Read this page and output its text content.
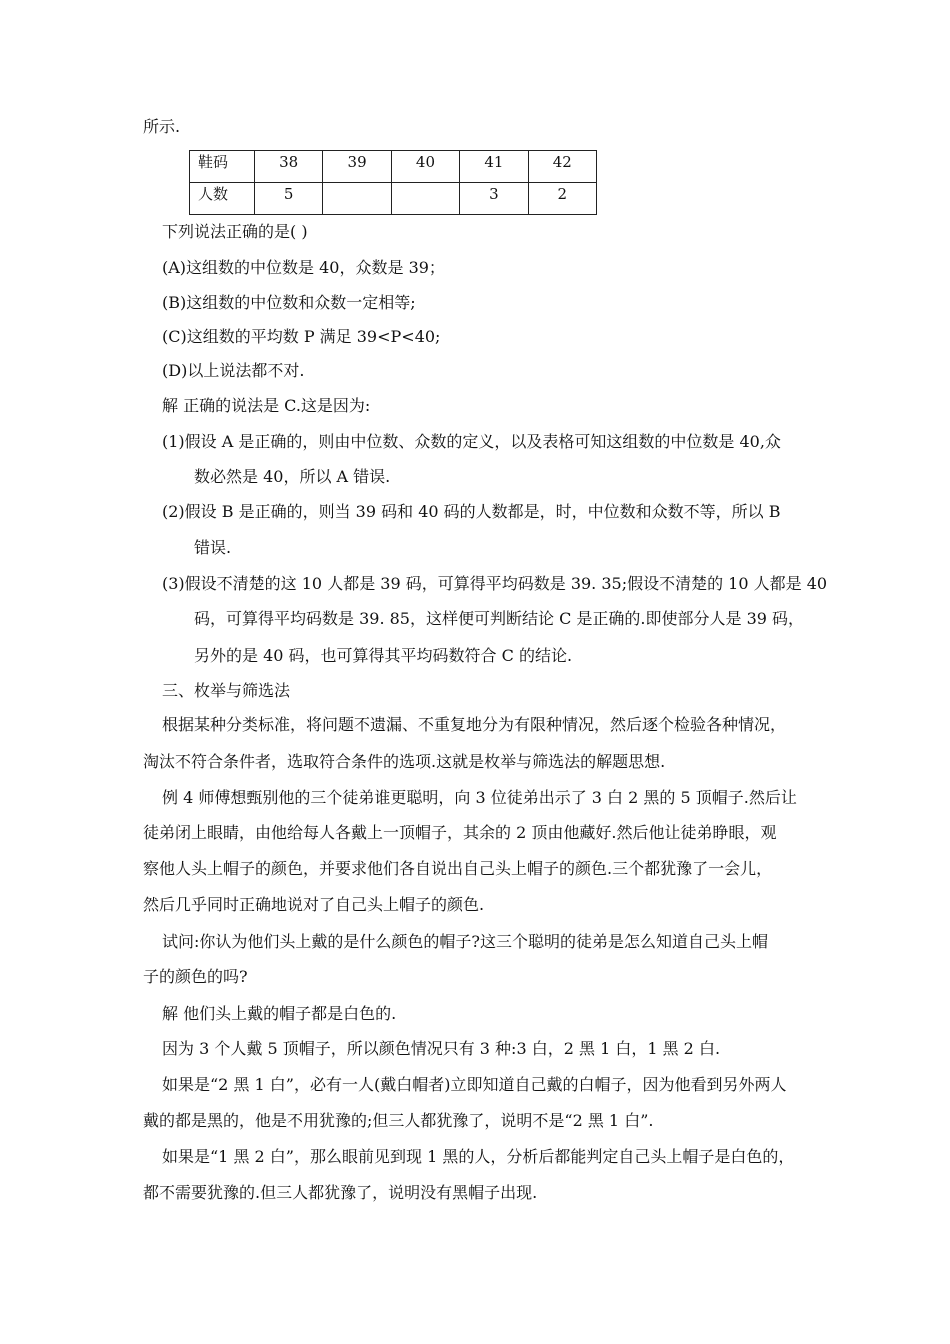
所示.

鞋码	38	39	40	41	42
人数	5			3	2

下列说法正确的是( )

(A)这组数的中位数是 40，众数是 39；

(B)这组数的中位数和众数一定相等;

(C)这组数的平均数 P 满足 39<P<40;

(D)以上说法都不对.

解 正确的说法是 C.这是因为:

(1)假设 A 是正确的，则由中位数、众数的定义，以及表格可知这组数的中位数是 40,众

数必然是 40，所以 A 错误.

(2)假设 B 是正确的，则当 39 码和 40 码的人数都是，时，中位数和众数不等，所以 B

错误.

(3)假设不清楚的这 10 人都是 39 码，可算得平均码数是 39. 35;假设不清楚的 10 人都是 40

码，可算得平均码数是 39. 85，这样便可判断结论 C 是正确的.即使部分人是 39 码，

另外的是 40 码，也可算得其平均码数符合 C 的结论.

三、枚举与筛选法

根据某种分类标准，将问题不遗漏、不重复地分为有限种情况，然后逐个检验各种情况，

淘汰不符合条件者，选取符合条件的选项.这就是枚举与筛选法的解题思想.

例 4 师傅想甄别他的三个徒弟谁更聪明，向 3 位徒弟出示了 3 白 2 黑的 5 顶帽子.然后让

徒弟闭上眼睛，由他给每人各戴上一顶帽子，其余的 2 顶由他藏好.然后他让徒弟睁眼，观

察他人头上帽子的颜色，并要求他们各自说出自己头上帽子的颜色.三个都犹豫了一会儿，

然后几乎同时正确地说对了自己头上帽子的颜色.

试问:你认为他们头上戴的是什么颜色的帽子?这三个聪明的徒弟是怎么知道自己头上帽

子的颜色的吗?

解 他们头上戴的帽子都是白色的.

因为 3 个人戴 5 顶帽子，所以颜色情况只有 3 种:3 白，2 黑 1 白，1 黑 2 白.

如果是“2 黑 1 白”，必有一人(戴白帽者)立即知道自己戴的白帽子，因为他看到另外两人

戴的都是黑的，他是不用犹豫的;但三人都犹豫了，说明不是“2 黑 1 白”.

如果是“1 黑 2 白”，那么眼前见到现 1 黑的人，分析后都能判定自己头上帽子是白色的，

都不需要犹豫的.但三人都犹豫了，说明没有黑帽子出现.
